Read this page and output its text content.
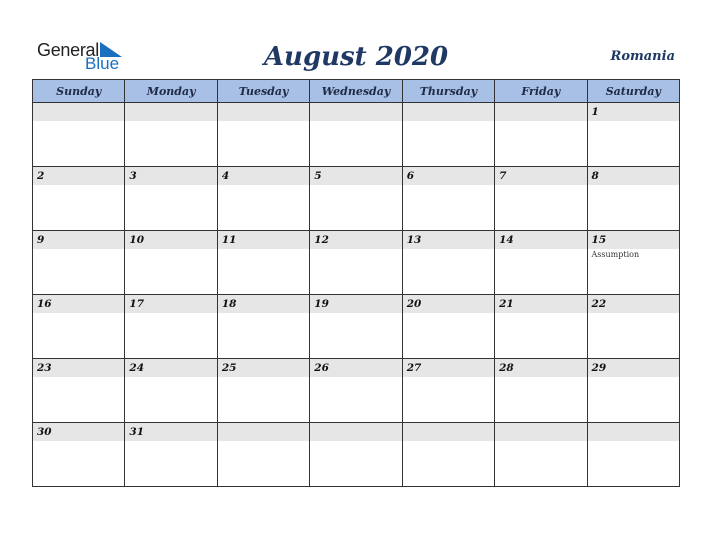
General
Blue	August 2020	Romania
Sunday	Monday	Tuesday	Wednesday	Thursday	Friday	Saturday

						1

2	3	4	5	6	7	8

9	10	11	12	13	14	15
Assumption

16	17	18	19	20	21	22

23	24	25	26	27	28	29

30	31					
